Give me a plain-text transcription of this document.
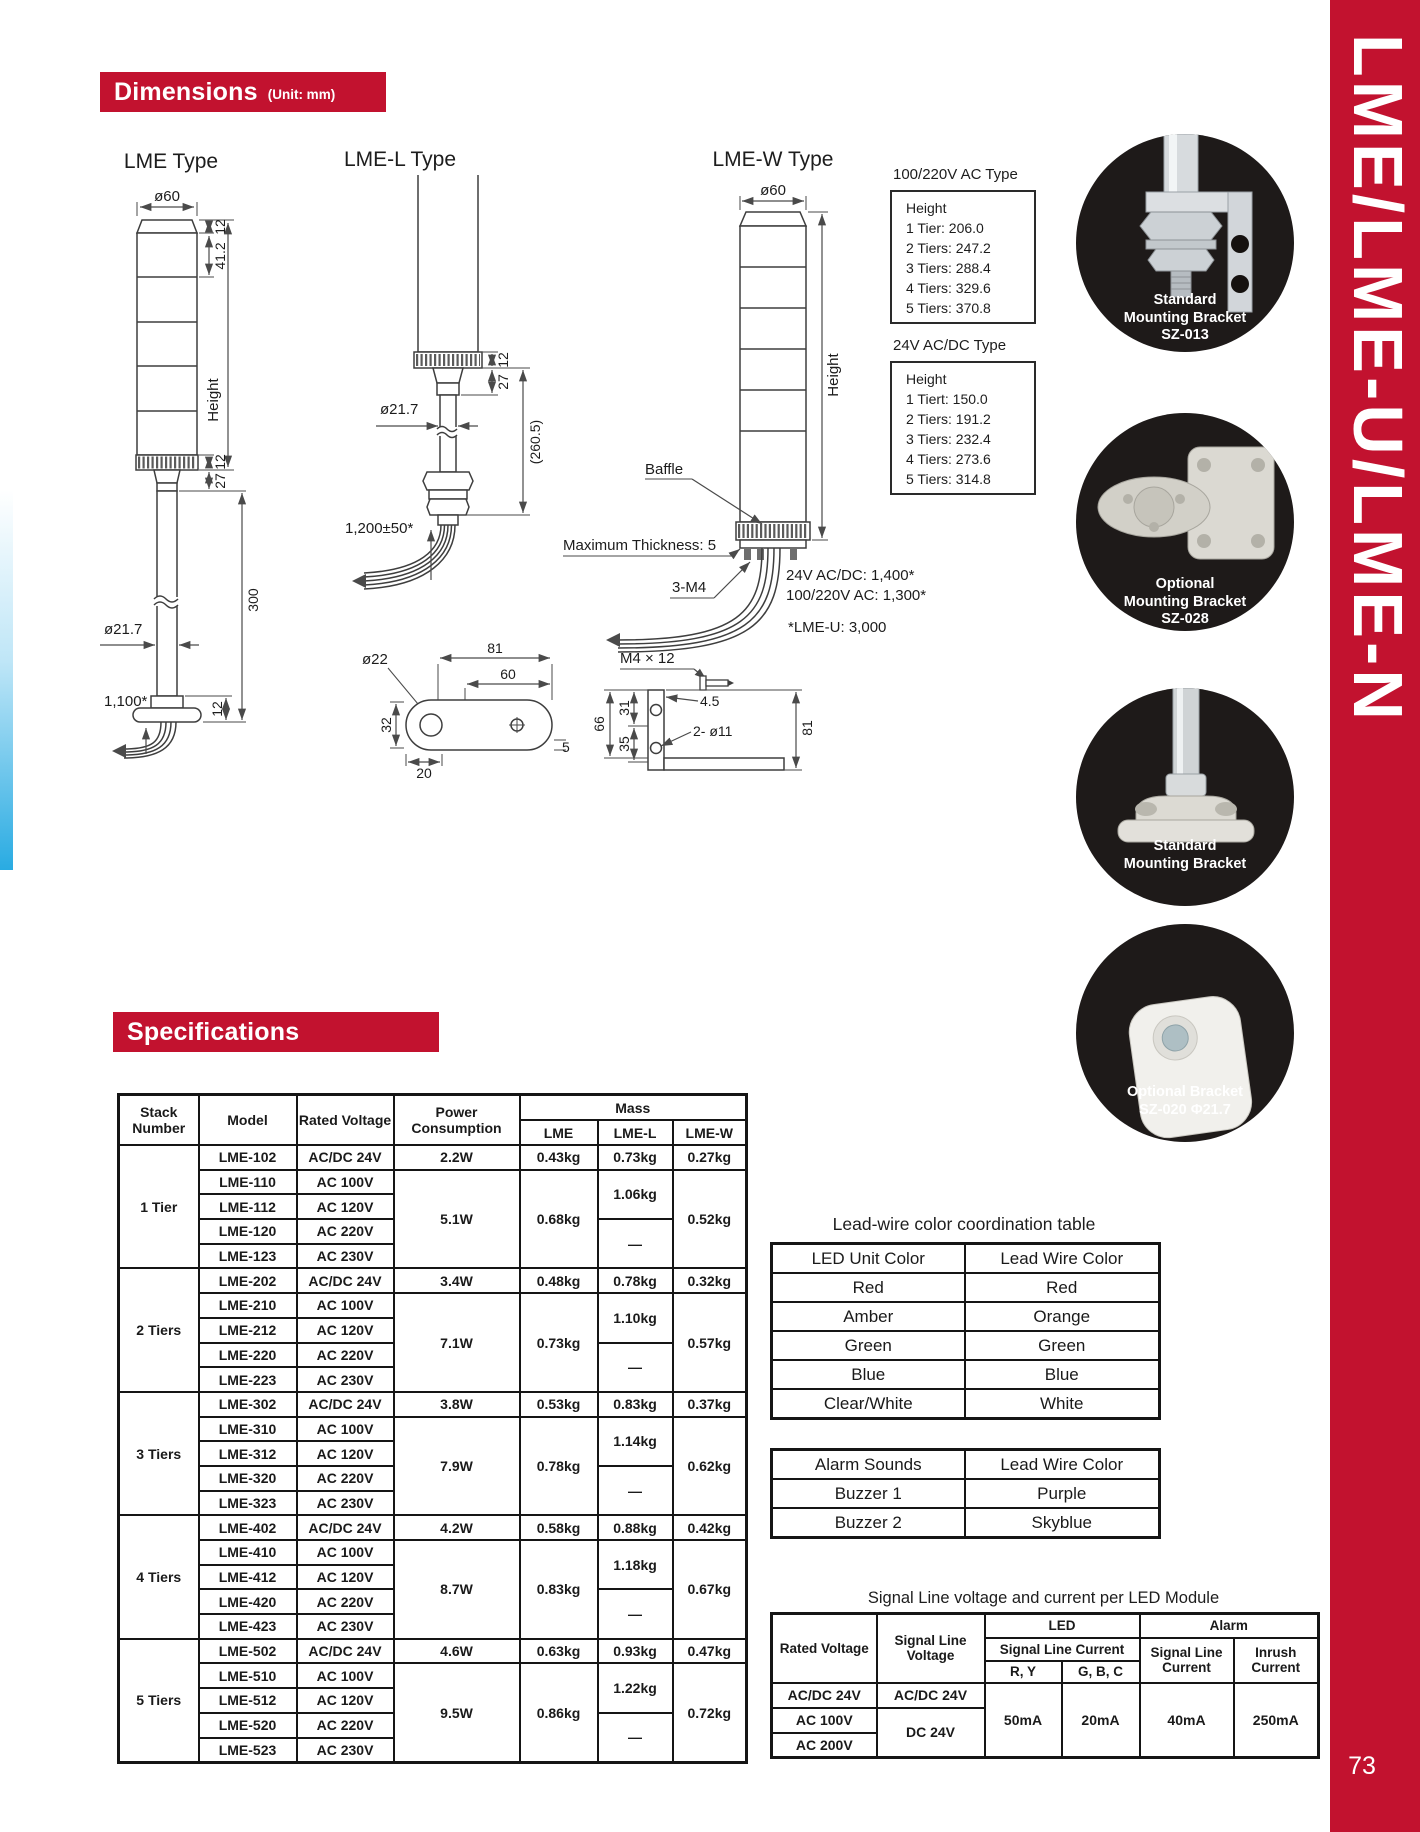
LME/LME-U/LME-N
73
Dimensions (Unit: mm)
LME Type	LME-L Type	LME-W Type
ø60
12
41.2
Height
12
27
ø21.7
300
12
1,100*
12
27
(260.5)
ø21.7
1,200±50*
ø22
81
60
32
20
5
ø60
Height
Baffle
Maximum Thickness: 5
3-M4
24V AC/DC: 1,400*
100/220V AC: 1,300*
*LME-U: 3,000
M4 × 12
31
35
66
4.5
2- ø11	81
100/220V AC Type
Height
1 Tier: 206.0
2 Tiers: 247.2
3 Tiers: 288.4
4 Tiers: 329.6
5 Tiers: 370.8
24V AC/DC Type
Height
1 Tiert: 150.0
2 Tiers: 191.2
3 Tiers: 232.4
4 Tiers: 273.6
5 Tiers: 314.8
Standard
Mounting Bracket
SZ-013
Optional
Mounting Bracket
SZ-028
Standard
Mounting Bracket
Optional Bracket
SZ-020 Φ21.7
Specifications
Stack Number	Model	Rated Voltage	Power Consumption	Mass		
				LME	LME-L	LME-W
1 Tier	LME-102	AC/DC 24V	2.2W	0.43kg	0.73kg	0.27kg
	LME-110	AC 100V	5.1W	0.68kg	1.06kg	0.52kg
	LME-112	AC 120V				
	LME-120	AC 220V			—	
	LME-123	AC 230V				
2 Tiers	LME-202	AC/DC 24V	3.4W	0.48kg	0.78kg	0.32kg
	LME-210	AC 100V	7.1W	0.73kg	1.10kg	0.57kg
	LME-212	AC 120V				
	LME-220	AC 220V			—	
	LME-223	AC 230V				
3 Tiers	LME-302	AC/DC 24V	3.8W	0.53kg	0.83kg	0.37kg
	LME-310	AC 100V	7.9W	0.78kg	1.14kg	0.62kg
	LME-312	AC 120V				
	LME-320	AC 220V			—	
	LME-323	AC 230V				
4 Tiers	LME-402	AC/DC 24V	4.2W	0.58kg	0.88kg	0.42kg
	LME-410	AC 100V	8.7W	0.83kg	1.18kg	0.67kg
	LME-412	AC 120V				
	LME-420	AC 220V			—	
	LME-423	AC 230V				
5 Tiers	LME-502	AC/DC 24V	4.6W	0.63kg	0.93kg	0.47kg
	LME-510	AC 100V	9.5W	0.86kg	1.22kg	0.72kg
	LME-512	AC 120V				
	LME-520	AC 220V			—	
	LME-523	AC 230V				
Lead-wire color coordination table
LED Unit Color	Lead Wire Color
Red	Red
Amber	Orange
Green	Green
Blue	Blue
Clear/White	White
Alarm Sounds	Lead Wire Color
Buzzer 1	Purple
Buzzer 2	Skyblue
Signal Line voltage and current per LED Module
Rated Voltage	Signal Line Voltage	LED		Alarm	
		Signal Line Current		Signal Line Current	Inrush Current
		R, Y	G, B, C		
AC/DC 24V	AC/DC 24V	50mA	20mA	40mA	250mA
AC 100V	DC 24V				
AC 200V					
